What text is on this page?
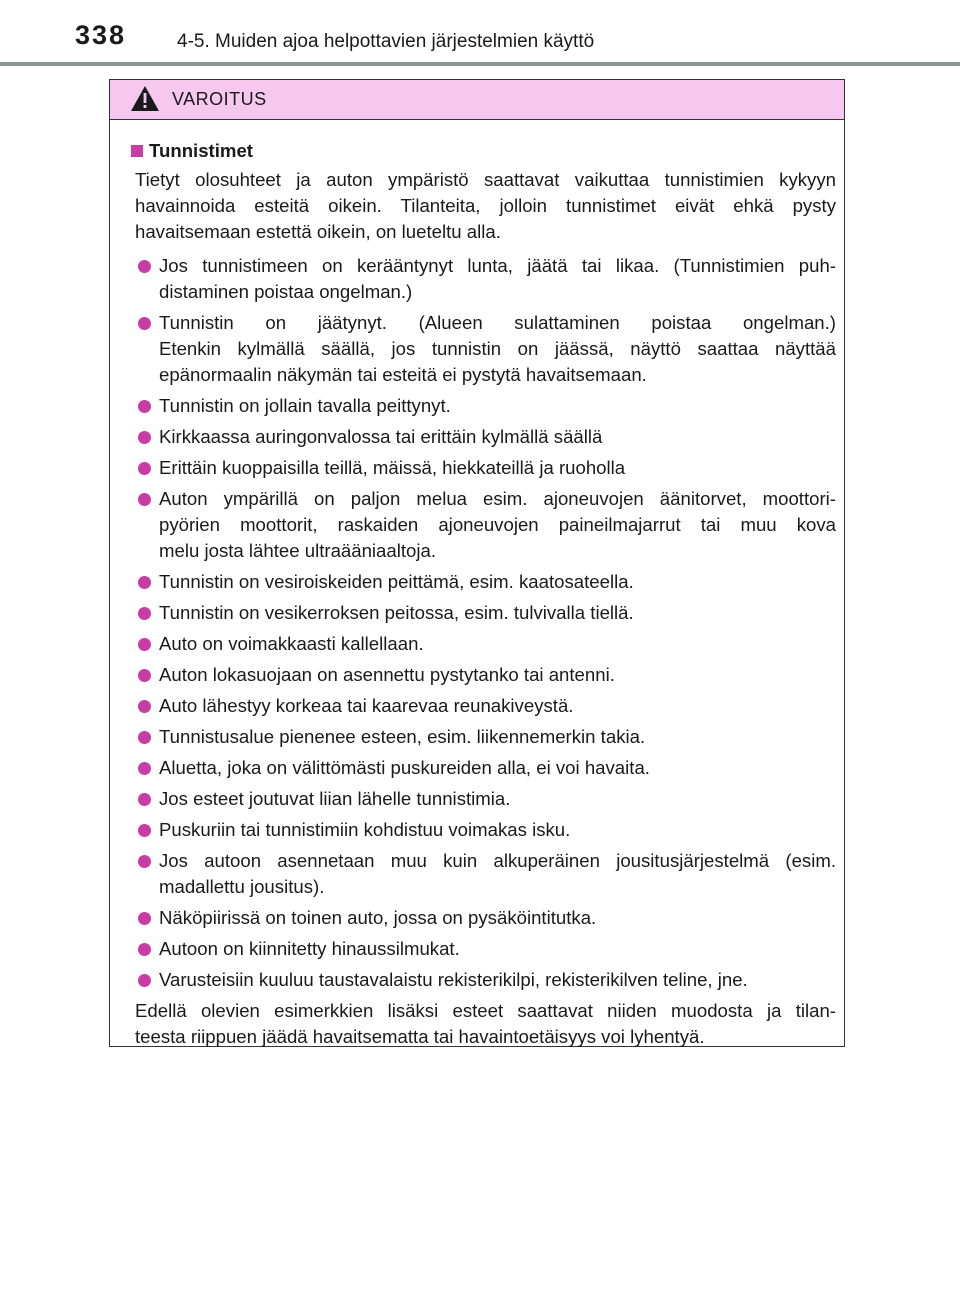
338	4-5. Muiden ajoa helpottavien järjestelmien käyttö
VAROITUS
Tunnistimet
Tietyt olosuhteet ja auton ympäristö saattavat vaikuttaa tunnistimien kykyyn
havainnoida esteitä oikein. Tilanteita, jolloin tunnistimet eivät ehkä pysty
havaitsemaan estettä oikein, on lueteltu alla.
Jos tunnistimeen on kerääntynyt lunta, jäätä tai likaa. (Tunnistimien puh-
distaminen poistaa ongelman.)
Tunnistin on jäätynyt. (Alueen sulattaminen poistaa ongelman.)
Etenkin kylmällä säällä, jos tunnistin on jäässä, näyttö saattaa näyttää
epänormaalin näkymän tai esteitä ei pystytä havaitsemaan.
Tunnistin on jollain tavalla peittynyt.
Kirkkaassa auringonvalossa tai erittäin kylmällä säällä
Erittäin kuoppaisilla teillä, mäissä, hiekkateillä ja ruoholla
Auton ympärillä on paljon melua esim. ajoneuvojen äänitorvet, moottori-
pyörien moottorit, raskaiden ajoneuvojen paineilmajarrut tai muu kova
melu josta lähtee ultraääniaaltoja.
Tunnistin on vesiroiskeiden peittämä, esim. kaatosateella.
Tunnistin on vesikerroksen peitossa, esim. tulvivalla tiellä.
Auto on voimakkaasti kallellaan.
Auton lokasuojaan on asennettu pystytanko tai antenni.
Auto lähestyy korkeaa tai kaarevaa reunakiveystä.
Tunnistusalue pienenee esteen, esim. liikennemerkin takia.
Aluetta, joka on välittömästi puskureiden alla, ei voi havaita.
Jos esteet joutuvat liian lähelle tunnistimia.
Puskuriin tai tunnistimiin kohdistuu voimakas isku.
Jos autoon asennetaan muu kuin alkuperäinen jousitusjärjestelmä (esim.
madallettu jousitus).
Näköpiirissä on toinen auto, jossa on pysäköintitutka.
Autoon on kiinnitetty hinaussilmukat.
Varusteisiin kuuluu taustavalaistu rekisterikilpi, rekisterikilven teline, jne.
Edellä olevien esimerkkien lisäksi esteet saattavat niiden muodosta ja tilan-
teesta riippuen jäädä havaitsematta tai havaintoetäisyys voi lyhentyä.
